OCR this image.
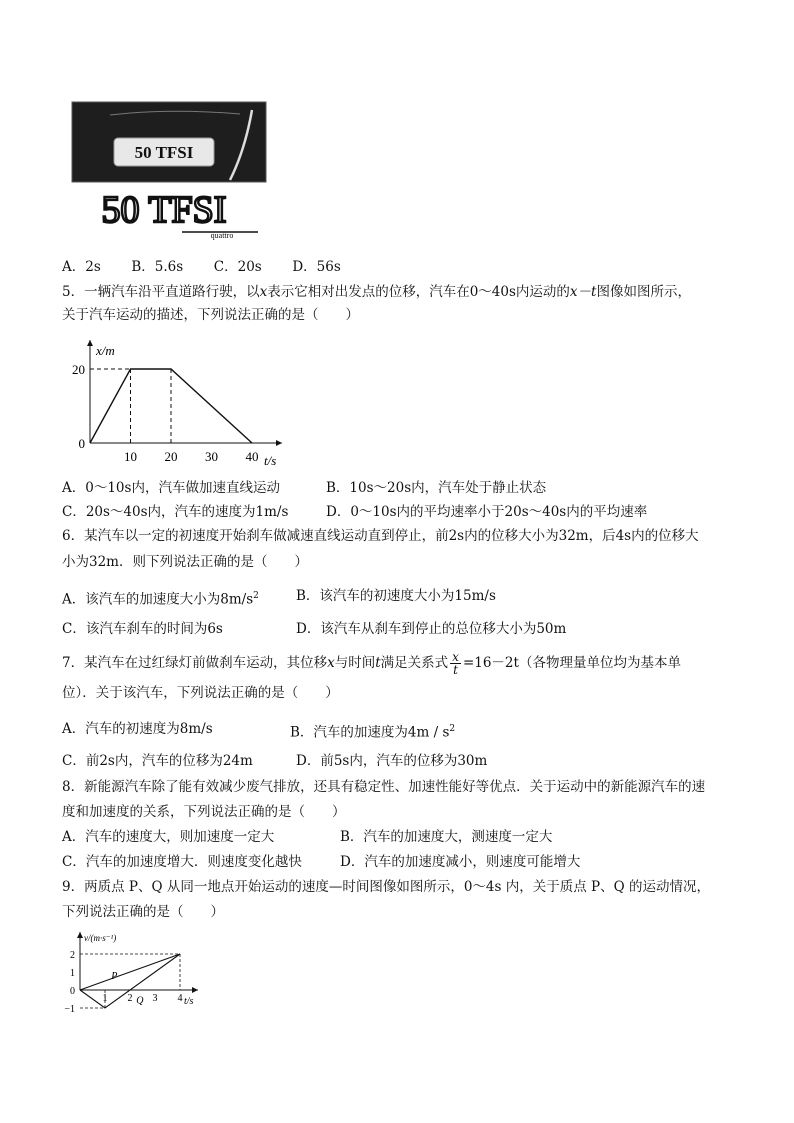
50 TFSI
50 TFSI
quattro
A．2s B．5.6s C．20s D．56s
5．一辆汽车沿平直道路行驶，以x表示它相对出发点的位移，汽车在0～40s内运动的x－t图像如图所示，
关于汽车运动的描述，下列说法正确的是（　　）
x/m
t/s
0
20
10 20 30 40
A．0～10s内，汽车做加速直线运动	B．10s～20s内，汽车处于静止状态
C．20s～40s内，汽车的速度为1m/s	D．0～10s内的平均速率小于20s～40s内的平均速率
6．某汽车以一定的初速度开始刹车做减速直线运动直到停止，前2s内的位移大小为32m，后4s内的位移大
小为32m．则下列说法正确的是（　　）
A．该汽车的加速度大小为$8m/s^2$	B．该汽车的初速度大小为15m/s
C．该汽车刹车的时间为6s	D．该汽车从刹车到停止的总位移大小为50m
7．某汽车在过红绿灯前做刹车运动，其位移x与时间t满足关系式 $\frac{x}{t} =16-2t$（各物理量单位均为基本单
位）．关于该汽车，下列说法正确的是（　　）
A．汽车的初速度为8m/s	B．汽车的加速度为$4m / s^2$
C．前2s内，汽车的位移为24m	D．前5s内，汽车的位移为30m
8．新能源汽车除了能有效减少废气排放，还具有稳定性、加速性能好等优点．关于运动中的新能源汽车的速
度和加速度的关系，下列说法正确的是（　　）
A．汽车的速度大，则加速度一定大	B．汽车的加速度大，测速度一定大
C．汽车的加速度增大．则速度变化越快	D．汽车的加速度减小，则速度可能增大
9．两质点 P、Q 从同一地点开始运动的速度—时间图像如图所示，0～4s 内，关于质点 P、Q 的运动情况，
下列说法正确的是（　　）
v/(m·s⁻¹)
t/s
2
1
0
−1
1 2 3 4
P
Q
